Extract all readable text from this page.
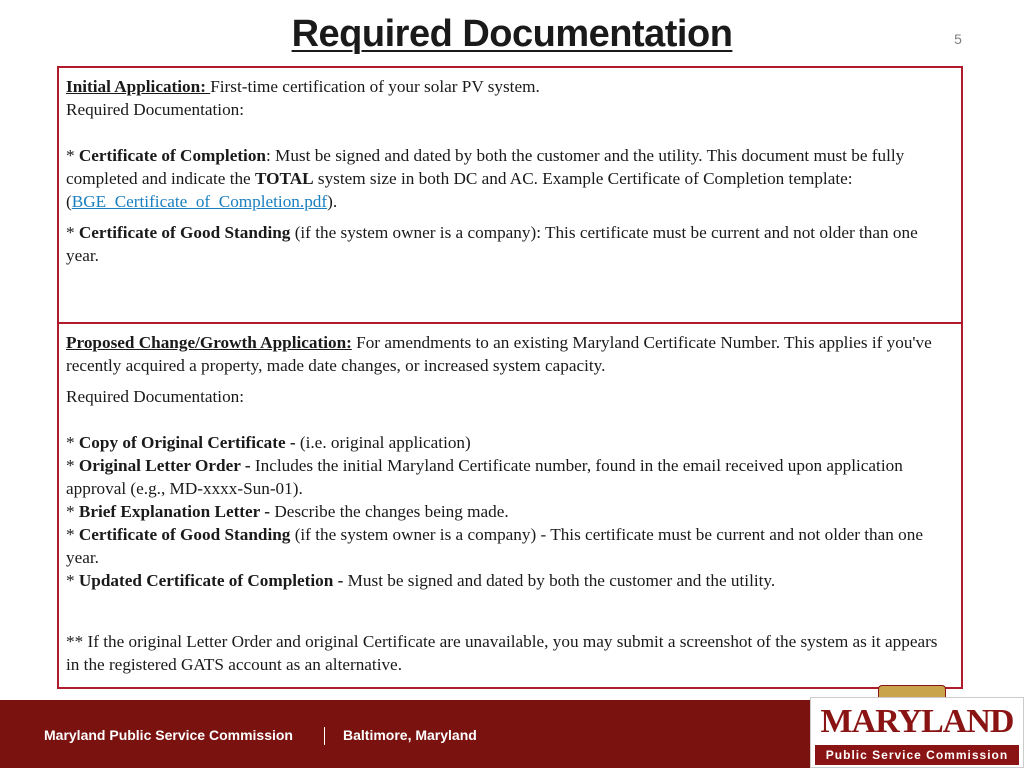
Required Documentation	5

Initial Application: First-time certification of your solar PV system.

Required Documentation:

* Certificate of Completion: Must be signed and dated by both the customer and the utility. This document must be fully completed and indicate the TOTAL system size in both DC and AC. Example Certificate of Completion template: (BGE_Certificate_of_Completion.pdf).

* Certificate of Good Standing (if the system owner is a company): This certificate must be current and not older than one year.

Proposed Change/Growth Application: For amendments to an existing Maryland Certificate Number. This applies if you've recently acquired a property, made date changes, or increased system capacity.

Required Documentation:

* Copy of Original Certificate - (i.e. original application)

* Original Letter Order - Includes the initial Maryland Certificate number, found in the email received upon application approval (e.g., MD-xxxx-Sun-01).

* Brief Explanation Letter - Describe the changes being made.

* Certificate of Good Standing (if the system owner is a company) - This certificate must be current and not older than one year.

* Updated Certificate of Completion - Must be signed and dated by both the customer and the utility.

** If the original Letter Order and original Certificate are unavailable, you may submit a screenshot of the system as it appears in the registered GATS account as an alternative.

Maryland Public Service Commission	Baltimore, Maryland	MARYLAND
Public Service Commission
